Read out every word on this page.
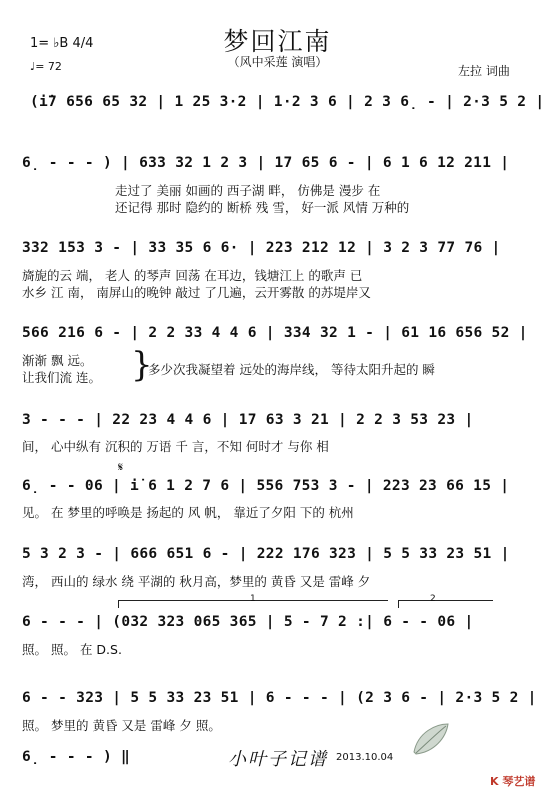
梦回江南
（风中采莲 演唱）
1= ♭B 4/4
♩= 72	左拉 词曲
(i̇7 656 65 32 | 1 25 3·2 | 1·2 3 6 | 2 3 6̣ - | 2·3 5 2 |
6̣ - - - ) | 633 32 1 2 3 | 17 65 6 - | 6 1 6 12 211 |
走过了 美丽 如画的 西子湖 畔， 仿佛是 漫步 在
还记得 那时 隐约的 断桥 残 雪， 好一派 风情 万种的
332 153 3 - | 33 35 6 6· | 223 212 12 | 3 2 3 77 76 |
旖旎的云 端， 老人 的琴声 回荡 在耳边，钱塘江上 的歌声 已
水乡 江 南， 南屏山的晚钟 敲过 了几遍，云开雾散 的苏堤岸又
566 216 6 - | 2 2 33 4 4 6 | 334 32 1 - | 61 16 656 52 |
渐渐 飘 远。
让我们流 连。 }
多少次我凝望着 远处的海岸线， 等待太阳升起的 瞬
3 - - - | 22 23 4 4 6 | 17 63 3 21 | 2 2 3 53 23 |
间， 心中纵有 沉积的 万语 千 言，不知 何时才 与你 相
𝄋
6̣ - - 06 | i̇ 6 1 2 7 6 | 556 753 3 - | 223 23 66 15 |
见。 在 梦里的呼唤是 扬起的 风 帆， 靠近了夕阳 下的 杭州
5 3 2 3 - | 666 651 6 - | 222 176 323 | 5 5 33 23 51 |
湾， 西山的 绿水 绕 平湖的 秋月高，梦里的 黄昏 又是 雷峰 夕
1	2
6 - - - | (032 323 065 365 | 5 - 7 2 :| 6 - - 06 |
照。 照。 在 D.S.
6 - - 323 | 5 5 33 23 51 | 6 - - - | (2 3 6 - | 2·3 5 2 |
照。 梦里的 黄昏 又是 雷峰 夕 照。
6̣ - - - ) ‖	小叶子记谱 2013.10.04
K 琴艺谱
